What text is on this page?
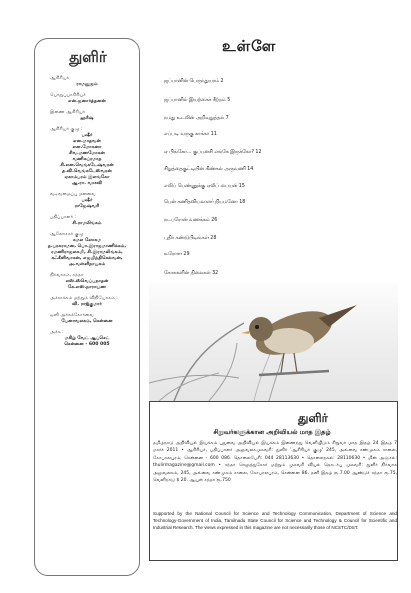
துளிர்
ஆசிரியர்
ராமனுஜம்
பொறுப்பாசிரியர்
என்.ஜனார்த்தனன்
இணை ஆசிரியர்
ஹரீஷ்
ஆசிரியர் குழு :
பஷீர்
என.மாதவன்
என.மோகனா
சிவ.மணமோகன்
வணிகப்ரமாத
சி.என.வெங்கடேஷ்வரன்
த.வி.வெங்கடேஸ்வரன்
ஏகாம்பரம் இளங்கோ
ஆ.ரா. வாசவி
வடிவமைப்பு மனவை
பஷீர்
ராஜேஷ்வரி
பதிப்பாளர் :
சி.ராமலிங்கம்
ஆலோசகர் குழு
கமல லோகம
த.பரசுராமன, பொ.இராஜமாணிக்கம்,
ரமணிராஜலசுமி, சி.இராமலிங்கம்,
கஃசீனிவாசன், எஜயிந்திசெல்வன்,
அ.வள்ளிநாயகம்
நிர்வாகம், சந்தா
எஸ்.ஸ்வெப்பநாதன்
கே.எஸ்.நாராயண
அச்சாக்கம் மற்றும் விநியோகம் :
வி. ராஜ்குமார்
ஒளி அச்சுக்கோர்வை
பேனாவலகம், சென்னை
அச்சு :
மகிழ் வேட் ஆப்செட்
சென்னை - 600 005
உள்ளே
ஜப்பானின் பெருந்துயரம் 2
ஜப்பானில் இயற்கைச் சீற்றம் 5
நமது உடலின் அறிவுறுத்தல் 7
எப்படி வருகு காக்கா 11
ஏ பிங்கோ... குப்பனசி எங்கே இருக்கோ? 12
சிறுத்தைகுட்டியின் கிண்கல் அருவணி 14
எலிப் பெண்ணுக்கு ஏலிப் பையன் 15
பென் கணிதவியலாளர் நியமனோ 18
நடபரோன் வணக்கம் 26
புதிர் கண்டுபிடிங்கள் 28
உரோசா 29
கோசுகளின் நிலைகள் 32
துளிர்
சிறுவர்களுக்கான அறிவியல் மாத இதழ்
தமிழ்நாடு அறிவியல் இயக்கம் புதுவை அறிவியல் இயக்கம் இணைந்து வெளியிடும் சிறுவர் மாத இதழ் 24 இதழ் 7 மார்ச் 2011 • ஆசிரியர், பதிப்பாளர் அலுவலகமுகவரி: துளிர் 'ஆசிரியர் குழு' 245, அவ்வை சண்முகம் சாலை, கோபாலபுரம், சென்னை - 600 086. தொலைபேசி: 044 28113630 • தொலைநகல்: 28110630 • மின் அஞ்சல்: thulirmagazine@gmail.com • சந்தா செலுத்துகோர் மற்றும் முகவரி வியல் தொடர்பு முகவரி: துளிர் நிர்வாக அலுவலகம், 245, அவ்வை சண்முகம் சாலை, கோபாலபுரம், சென்னை 86. தனி இதழ் ரூ.7.00 ஆண்டுச் சந்தா ரூ.75, வெளிநாடு $ 20. ஆயுள் சந்தா ரூ.750
Supported by the National Council for Science and Technology Communication, Department of Science and Technology-Government of India, Tamilnadu State Council for Science and Technology & Council for Scientific and Industrial Research. The views expressed in this magazine are not necessarily those of NCSTC/DST.
